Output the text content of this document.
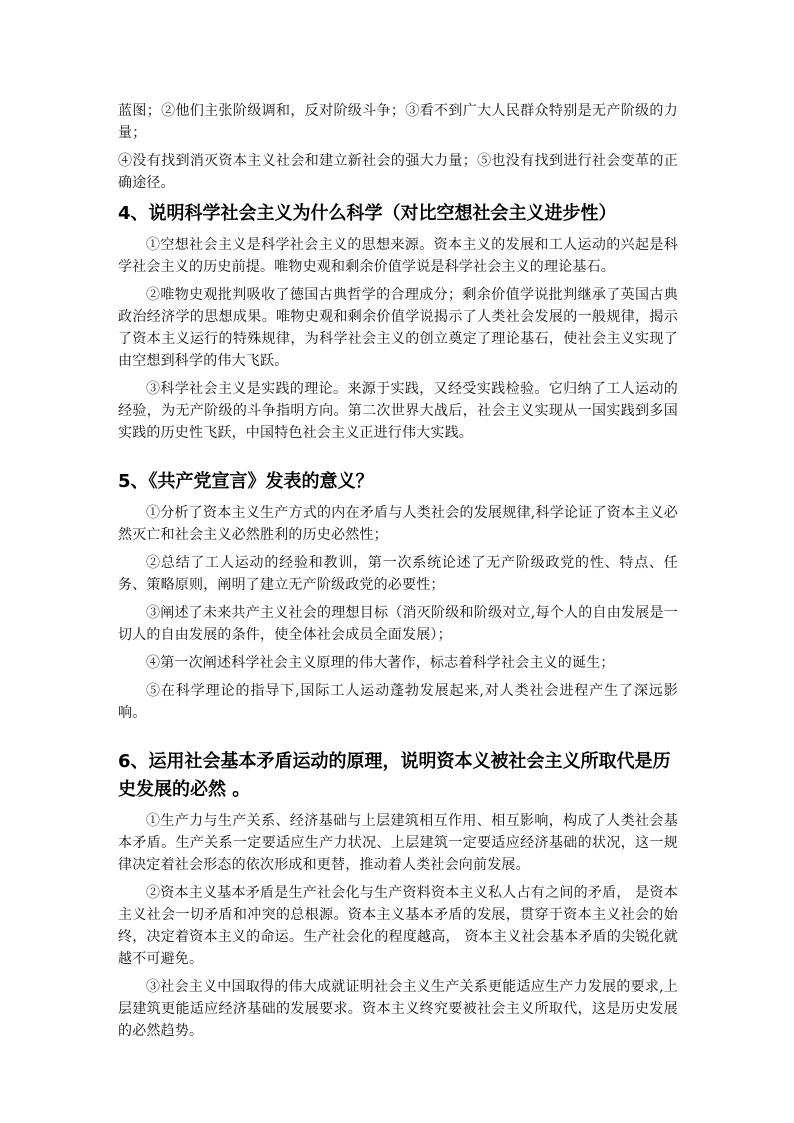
蓝图；②他们主张阶级调和，反对阶级斗争；③看不到广大人民群众特别是无产阶级的力量；

④没有找到消灭资本主义社会和建立新社会的强大力量；⑤也没有找到进行社会变革的正确途径。

4、说明科学社会主义为什么科学（对比空想社会主义进步性）

①空想社会主义是科学社会主义的思想来源。资本主义的发展和工人运动的兴起是科学社会主义的历史前提。唯物史观和剩余价值学说是科学社会主义的理论基石。

②唯物史观批判吸收了德国古典哲学的合理成分；剩余价值学说批判继承了英国古典政治经济学的思想成果。唯物史观和剩余价值学说揭示了人类社会发展的一般规律，揭示了资本主义运行的特殊规律，为科学社会主义的创立奠定了理论基石，使社会主义实现了由空想到科学的伟大飞跃。

③科学社会主义是实践的理论。来源于实践，又经受实践检验。它归纳了工人运动的经验，为无产阶级的斗争指明方向。第二次世界大战后，社会主义实现从一国实践到多国实践的历史性飞跃，中国特色社会主义正进行伟大实践。

5、《共产党宣言》发表的意义？

①分析了资本主义生产方式的内在矛盾与人类社会的发展规律,科学论证了资本主义必然灭亡和社会主义必然胜利的历史必然性；

②总结了工人运动的经验和教训，第一次系统论述了无产阶级政党的性、特点、任务、策略原则，阐明了建立无产阶级政党的必要性；

③阐述了未来共产主义社会的理想目标（消灭阶级和阶级对立,每个人的自由发展是一切人的自由发展的条件，使全体社会成员全面发展）；

④第一次阐述科学社会主义原理的伟大著作，标志着科学社会主义的诞生；

⑤在科学理论的指导下,国际工人运动蓬勃发展起来,对人类社会进程产生了深远影响。

6、运用社会基本矛盾运动的原理，说明资本义被社会主义所取代是历史发展的必然 。

①生产力与生产关系、经济基础与上层建筑相互作用、相互影响，构成了人类社会基本矛盾。生产关系一定要适应生产力状况、上层建筑一定要适应经济基础的状况，这一规律决定着社会形态的依次形成和更替，推动着人类社会向前发展。

②资本主义基本矛盾是生产社会化与生产资料资本主义私人占有之间的矛盾， 是资本主义社会一切矛盾和冲突的总根源。资本主义基本矛盾的发展，贯穿于资本主义社会的始终，决定着资本主义的命运。生产社会化的程度越高， 资本主义社会基本矛盾的尖锐化就越不可避免。

③社会主义中国取得的伟大成就证明社会主义生产关系更能适应生产力发展的要求,上层建筑更能适应经济基础的发展要求。资本主义终究要被社会主义所取代，这是历史发展的必然趋势。
